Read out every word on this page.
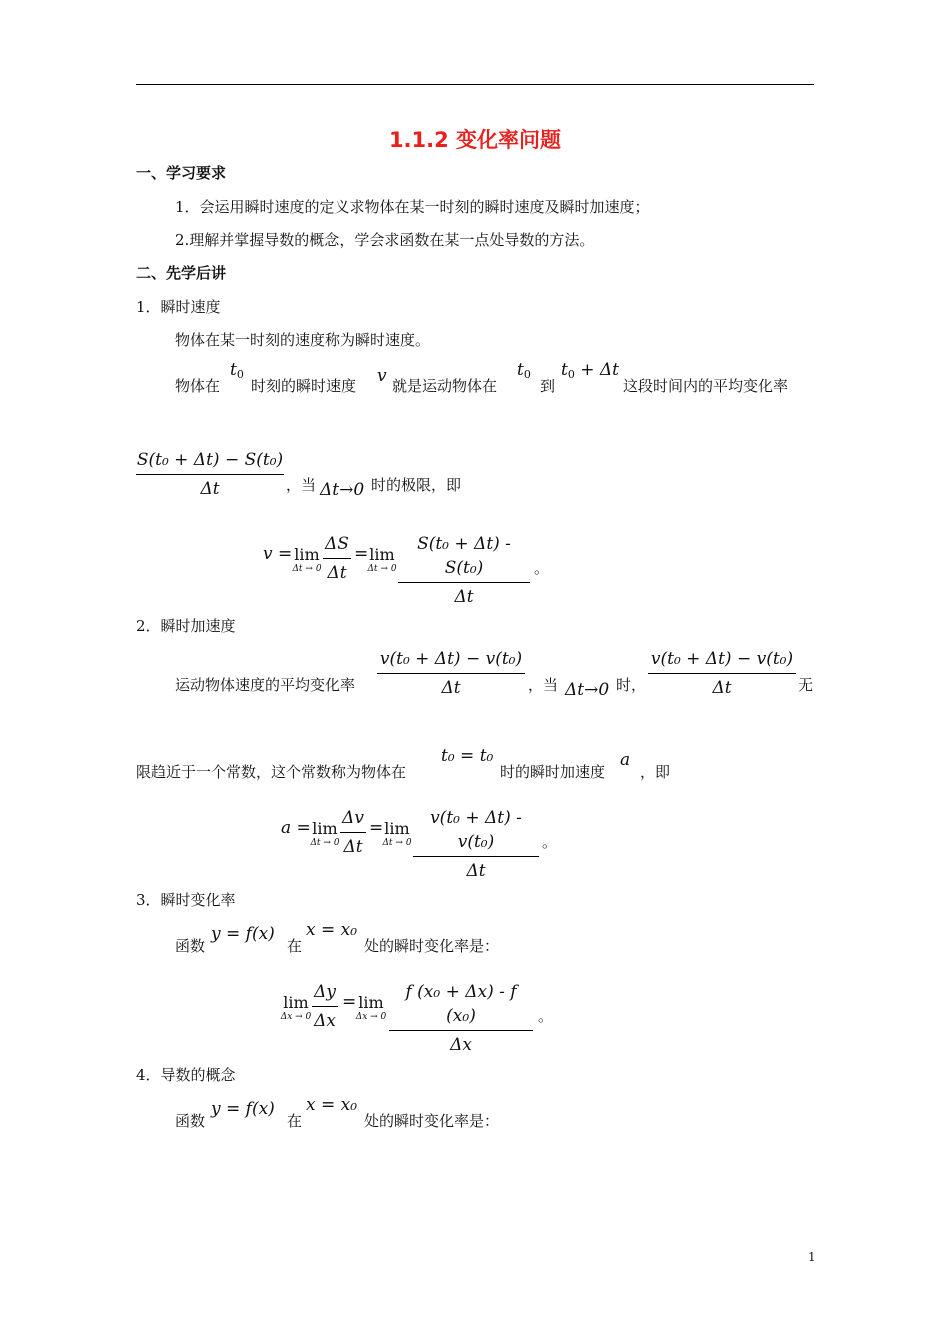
1.1.2 变化率问题
一、学习要求
1．会运用瞬时速度的定义求物体在某一时刻的瞬时速度及瞬时加速度；
2.理解并掌握导数的概念，学会求函数在某一点处导数的方法。
二、先学后讲
1．瞬时速度
物体在某一时刻的速度称为瞬时速度。
物体在
$t_0$
时刻的瞬时速度 v 就是运动物体在
$t_0$
到
$t_0 + \Delta t$
这段时间内的平均变化率
S(t₀ + Δt) − S(t₀)
Δt	，当 Δt→0 时的极限，即
v = lim
Δt → 0
ΔS
Δt
= lim
Δt → 0
S(t₀ + Δt) - S(t₀)
Δt
。
2．瞬时加速度
运动物体速度的平均变化率
v(t₀ + Δt) − v(t₀)
Δt	，当 Δt→0 时，
v(t₀ + Δt) − v(t₀)
Δt	无
限趋近于一个常数，这个常数称为物体在
t₀ = t₀
时的瞬时加速度
a
，即
a = lim
Δt → 0
Δv
Δt
= lim
Δt → 0
v(t₀ + Δt) - v(t₀)
Δt
。
3．瞬时变化率
函数
y = f(x)
在
x = x₀
处的瞬时变化率是：
lim
Δx → 0
Δy
Δx
= lim
Δx → 0
f (x₀ + Δx) - f (x₀)
Δx
。
4．导数的概念
函数
y = f(x)
在
x = x₀
处的瞬时变化率是：
1
